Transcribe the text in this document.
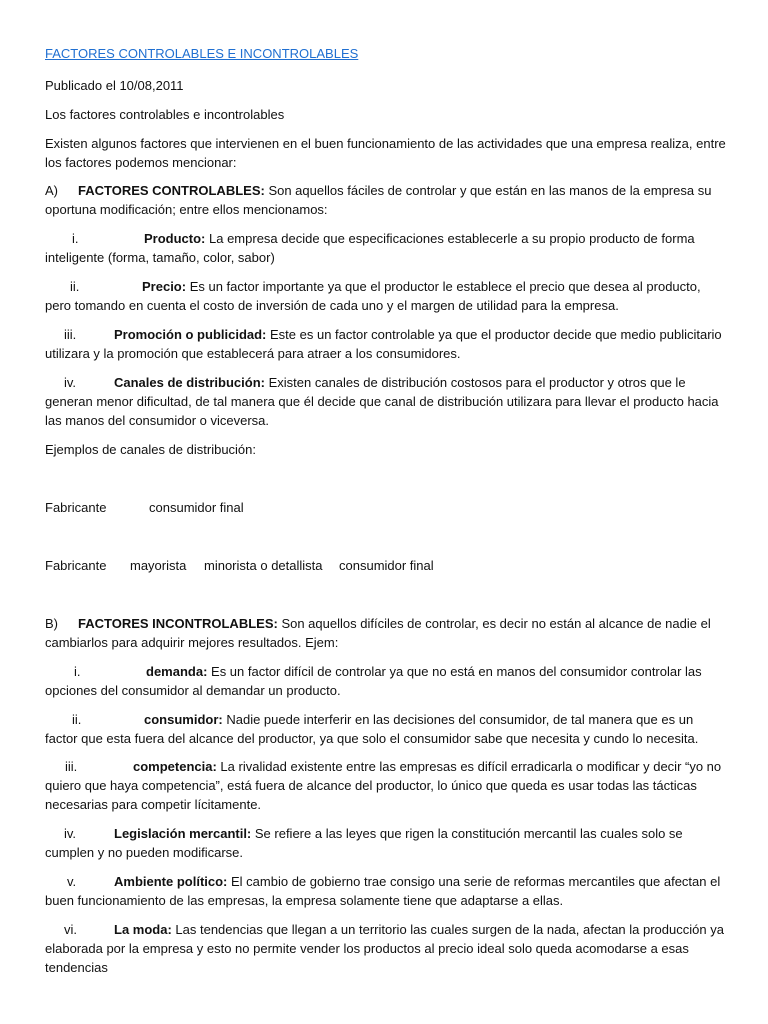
FACTORES CONTROLABLES E INCONTROLABLES

Publicado el 10/08,2011

Los factores controlables e incontrolables

Existen algunos factores que intervienen en el buen funcionamiento de las actividades que una empresa realiza, entre los factores podemos mencionar:

A) FACTORES CONTROLABLES: Son aquellos fáciles de controlar y que están en las manos de la empresa su oportuna modificación; entre ellos mencionamos:

i.	Producto: La empresa decide que especificaciones establecerle a su propio producto de forma inteligente (forma, tamaño, color, sabor)

ii.	Precio: Es un factor importante ya que el productor le establece el precio que desea al producto, pero tomando en cuenta el costo de inversión de cada uno y el margen de utilidad para la empresa.

iii.	Promoción o publicidad: Este es un factor controlable ya que el productor decide que medio publicitario utilizara y la promoción que establecerá para atraer a los consumidores.

iv.	Canales de distribución: Existen canales de distribución costosos para el productor y otros que le generan menor dificultad, de tal manera que él decide que canal de distribución utilizara para llevar el producto hacia las manos del consumidor o viceversa.

Ejemplos de canales de distribución:

Fabricante	consumidor final

Fabricante mayorista minorista o detallista consumidor final

B) FACTORES INCONTROLABLES: Son aquellos difíciles de controlar, es decir no están al alcance de nadie el cambiarlos para adquirir mejores resultados. Ejem:

i.	demanda: Es un factor difícil de controlar ya que no está en manos del consumidor controlar las opciones del consumidor al demandar un producto.

ii.	consumidor: Nadie puede interferir en las decisiones del consumidor, de tal manera que es un factor que esta fuera del alcance del productor, ya que solo el consumidor sabe que necesita y cundo lo necesita.

iii.	competencia: La rivalidad existente entre las empresas es difícil erradicarla o modificar y decir “yo no quiero que haya competencia”, está fuera de alcance del productor, lo único que queda es usar todas las tácticas necesarias para competir lícitamente.

iv.	Legislación mercantil: Se refiere a las leyes que rigen la constitución mercantil las cuales solo se cumplen y no pueden modificarse.

v.	Ambiente político: El cambio de gobierno trae consigo una serie de reformas mercantiles que afectan el buen funcionamiento de las empresas, la empresa solamente tiene que adaptarse a ellas.

vi.	La moda: Las tendencias que llegan a un territorio las cuales surgen de la nada, afectan la producción ya elaborada por la empresa y esto no permite vender los productos al precio ideal solo queda acomodarse a esas tendencias
